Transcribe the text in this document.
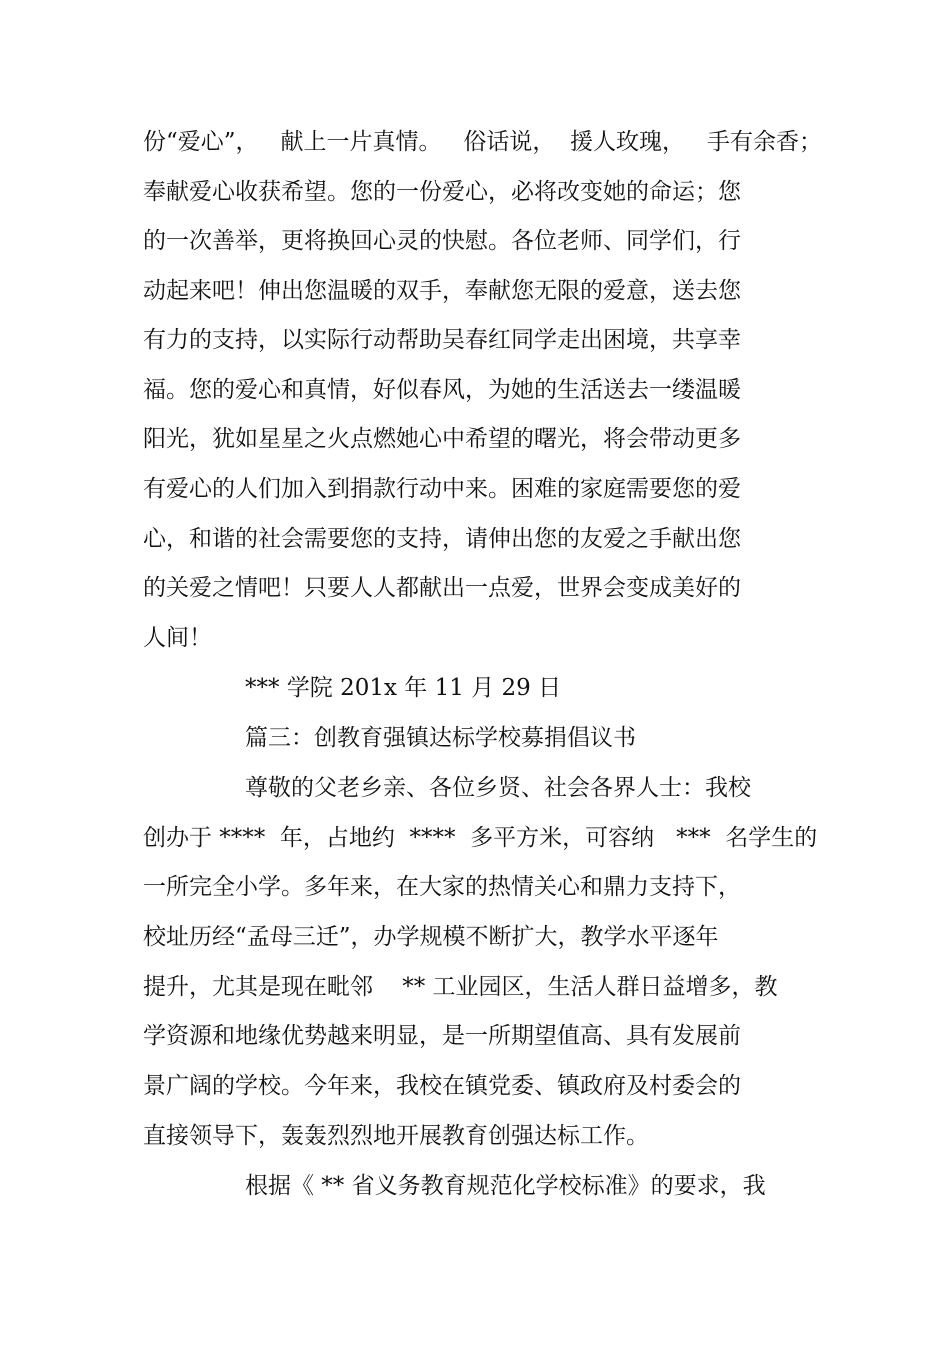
份“爱心”，   献上一片真情。   俗话说，  援人玫瑰，   手有余香；
奉献爱心收获希望。您的一份爱心，必将改变她的命运；您
的一次善举，更将换回心灵的快慰。各位老师、同学们，行
动起来吧！伸出您温暖的双手，奉献您无限的爱意，送去您
有力的支持，以实际行动帮助吴春红同学走出困境，共享幸
福。您的爱心和真情，好似春风，为她的生活送去一缕温暖
阳光，犹如星星之火点燃她心中希望的曙光，将会带动更多
有爱心的人们加入到捐款行动中来。困难的家庭需要您的爱
心，和谐的社会需要您的支持，请伸出您的友爱之手献出您
的关爱之情吧！只要人人都献出一点爱，世界会变成美好的
人间！
*** 学院 201x 年 11 月 29 日
篇三：创教育强镇达标学校募捐倡议书
尊敬的父老乡亲、各位乡贤、社会各界人士：我校
创办于 ****  年，占地约  ****  多平方米，可容纳   ***  名学生的
一所完全小学。多年来，在大家的热情关心和鼎力支持下，
校址历经“孟母三迁”，办学规模不断扩大，教学水平逐年
提升，尤其是现在毗邻    ** 工业园区，生活人群日益增多，教
学资源和地缘优势越来明显，是一所期望值高、具有发展前
景广阔的学校。今年来，我校在镇党委、镇政府及村委会的
直接领导下，轰轰烈烈地开展教育创强达标工作。
根据《 ** 省义务教育规范化学校标准》的要求，我
